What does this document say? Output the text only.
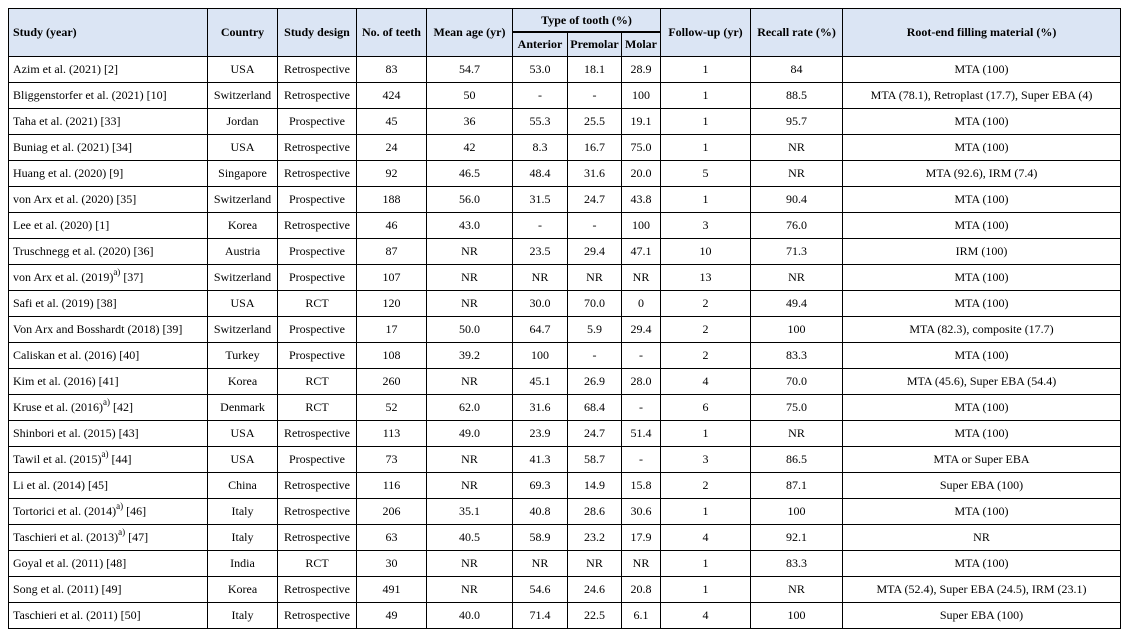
Study (year)	Country	Study design	No. of teeth	Mean age (yr)	Type of tooth (%)			Follow-up (yr)	Recall rate (%)	Root-end filling material (%)
					Anterior	Premolar	Molar			
Azim et al. (2021) [2]	USA	Retrospective	83	54.7	53.0	18.1	28.9	1	84	MTA (100)
Bliggenstorfer et al. (2021) [10]	Switzerland	Retrospective	424	50	-	-	100	1	88.5	MTA (78.1), Retroplast (17.7), Super EBA (4)
Taha et al. (2021) [33]	Jordan	Prospective	45	36	55.3	25.5	19.1	1	95.7	MTA (100)
Buniag et al. (2021) [34]	USA	Retrospective	24	42	8.3	16.7	75.0	1	NR	MTA (100)
Huang et al. (2020) [9]	Singapore	Retrospective	92	46.5	48.4	31.6	20.0	5	NR	MTA (92.6), IRM (7.4)
von Arx et al. (2020) [35]	Switzerland	Prospective	188	56.0	31.5	24.7	43.8	1	90.4	MTA (100)
Lee et al. (2020) [1]	Korea	Retrospective	46	43.0	-	-	100	3	76.0	MTA (100)
Truschnegg et al. (2020) [36]	Austria	Prospective	87	NR	23.5	29.4	47.1	10	71.3	IRM (100)
von Arx et al. $(2019)^{a)}$ [37]	Switzerland	Prospective	107	NR	NR	NR	NR	13	NR	MTA (100)
Safi et al. (2019) [38]	USA	RCT	120	NR	30.0	70.0	0	2	49.4	MTA (100)
Von Arx and Bosshardt (2018) [39]	Switzerland	Prospective	17	50.0	64.7	5.9	29.4	2	100	MTA (82.3), composite (17.7)
Caliskan et al. (2016) [40]	Turkey	Prospective	108	39.2	100	-	-	2	83.3	MTA (100)
Kim et al. (2016) [41]	Korea	RCT	260	NR	45.1	26.9	28.0	4	70.0	MTA (45.6), Super EBA (54.4)
Kruse et al. $(2016)^{a)}$ [42]	Denmark	RCT	52	62.0	31.6	68.4	-	6	75.0	MTA (100)
Shinbori et al. (2015) [43]	USA	Retrospective	113	49.0	23.9	24.7	51.4	1	NR	MTA (100)
Tawil et al. $(2015)^{a)}$ [44]	USA	Prospective	73	NR	41.3	58.7	-	3	86.5	MTA or Super EBA
Li et al. (2014) [45]	China	Retrospective	116	NR	69.3	14.9	15.8	2	87.1	Super EBA (100)
Tortorici et al. $(2014)^{a)}$ [46]	Italy	Retrospective	206	35.1	40.8	28.6	30.6	1	100	MTA (100)
Taschieri et al. $(2013)^{a)}$ [47]	Italy	Retrospective	63	40.5	58.9	23.2	17.9	4	92.1	NR
Goyal et al. (2011) [48]	India	RCT	30	NR	NR	NR	NR	1	83.3	MTA (100)
Song et al. (2011) [49]	Korea	Retrospective	491	NR	54.6	24.6	20.8	1	NR	MTA (52.4), Super EBA (24.5), IRM (23.1)
Taschieri et al. (2011) [50]	Italy	Retrospective	49	40.0	71.4	22.5	6.1	4	100	Super EBA (100)
